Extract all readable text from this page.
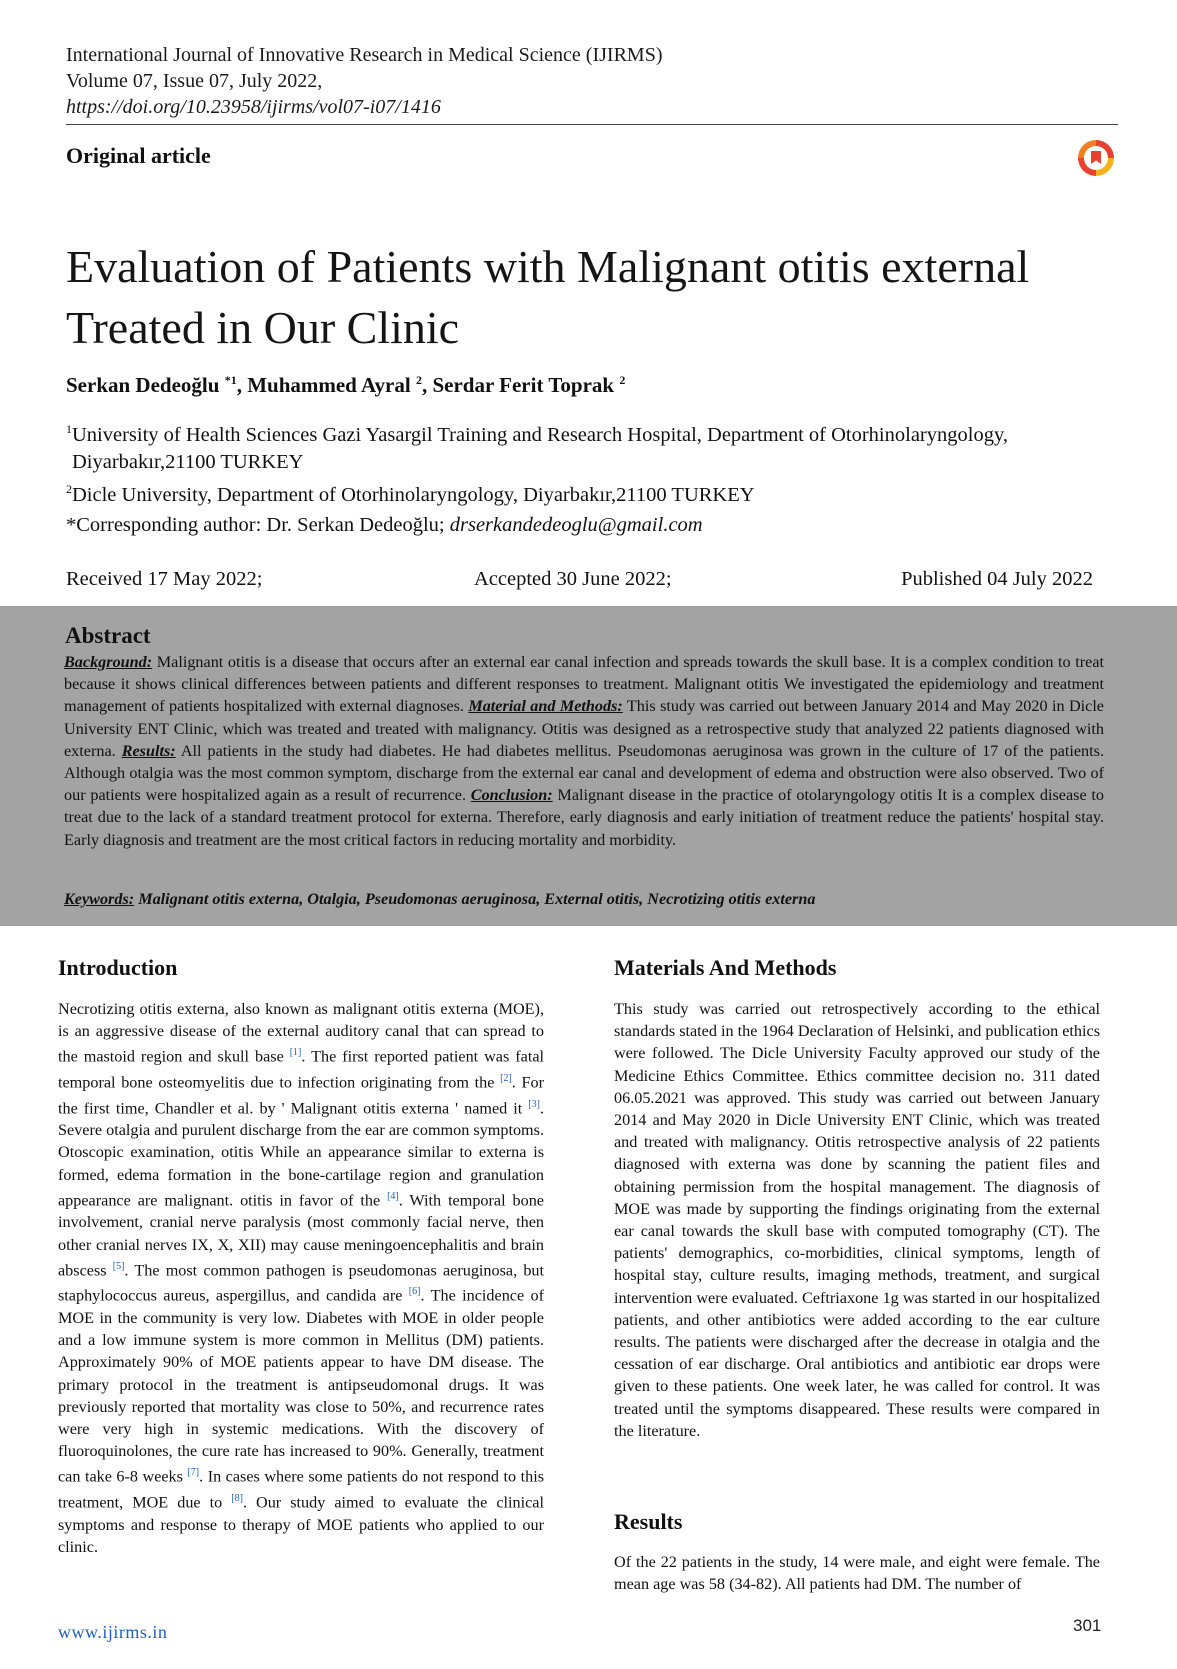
International Journal of Innovative Research in Medical Science (IJIRMS)
Volume 07, Issue 07, July 2022,
https://doi.org/10.23958/ijirms/vol07-i07/1416
Original article
Evaluation of Patients with Malignant otitis external
Treated in Our Clinic
Serkan Dedeoğlu $^{*1}$, Muhammed Ayral $^2$, Serdar Ferit Toprak $^2$
$^1$University of Health Sciences Gazi Yasargil Training and Research Hospital, Department of Otorhinolaryngology,
Diyarbakır,21100 TURKEY
$^2$Dicle University, Department of Otorhinolaryngology, Diyarbakır,21100 TURKEY
*Corresponding author: Dr. Serkan Dedeoğlu; drserkandedeoglu@gmail.com
Received 17 May 2022;	Accepted 30 June 2022;	Published 04 July 2022
Abstract
Background: Malignant otitis is a disease that occurs after an external ear canal infection and spreads towards the skull base. It is a complex condition to treat because it shows clinical differences between patients and different responses to treatment. Malignant otitis We investigated the epidemiology and treatment management of patients hospitalized with external diagnoses. Material and Methods: This study was carried out between January 2014 and May 2020 in Dicle University ENT Clinic, which was treated and treated with malignancy. Otitis was designed as a retrospective study that analyzed 22 patients diagnosed with externa. Results: All patients in the study had diabetes. He had diabetes mellitus. Pseudomonas aeruginosa was grown in the culture of 17 of the patients. Although otalgia was the most common symptom, discharge from the external ear canal and development of edema and obstruction were also observed. Two of our patients were hospitalized again as a result of recurrence. Conclusion: Malignant disease in the practice of otolaryngology otitis It is a complex disease to treat due to the lack of a standard treatment protocol for externa. Therefore, early diagnosis and early initiation of treatment reduce the patients' hospital stay. Early diagnosis and treatment are the most critical factors in reducing mortality and morbidity.
Keywords: Malignant otitis externa, Otalgia, Pseudomonas aeruginosa, External otitis, Necrotizing otitis externa
Introduction
Necrotizing otitis externa, also known as malignant otitis externa (MOE), is an aggressive disease of the external auditory canal that can spread to the mastoid region and skull base [1]. The first reported patient was fatal temporal bone osteomyelitis due to infection originating from the [2]. For the first time, Chandler et al. by ' Malignant otitis externa ' named it [3]. Severe otalgia and purulent discharge from the ear are common symptoms. Otoscopic examination, otitis While an appearance similar to externa is formed, edema formation in the bone-cartilage region and granulation appearance are malignant. otitis in favor of the [4]. With temporal bone involvement, cranial nerve paralysis (most commonly facial nerve, then other cranial nerves IX, X, XII) may cause meningoencephalitis and brain abscess [5]. The most common pathogen is pseudomonas aeruginosa, but staphylococcus aureus, aspergillus, and candida are [6]. The incidence of MOE in the community is very low. Diabetes with MOE in older people and a low immune system is more common in Mellitus (DM) patients. Approximately 90% of MOE patients appear to have DM disease. The primary protocol in the treatment is antipseudomonal drugs. It was previously reported that mortality was close to 50%, and recurrence rates were very high in systemic medications. With the discovery of fluoroquinolones, the cure rate has increased to 90%. Generally, treatment can take 6-8 weeks [7]. In cases where some patients do not respond to this treatment, MOE due to [8]. Our study aimed to evaluate the clinical symptoms and response to therapy of MOE patients who applied to our clinic.
Materials And Methods
This study was carried out retrospectively according to the ethical standards stated in the 1964 Declaration of Helsinki, and publication ethics were followed. The Dicle University Faculty approved our study of the Medicine Ethics Committee. Ethics committee decision no. 311 dated 06.05.2021 was approved. This study was carried out between January 2014 and May 2020 in Dicle University ENT Clinic, which was treated and treated with malignancy. Otitis retrospective analysis of 22 patients diagnosed with externa was done by scanning the patient files and obtaining permission from the hospital management. The diagnosis of MOE was made by supporting the findings originating from the external ear canal towards the skull base with computed tomography (CT). The patients' demographics, co-morbidities, clinical symptoms, length of hospital stay, culture results, imaging methods, treatment, and surgical intervention were evaluated. Ceftriaxone 1g was started in our hospitalized patients, and other antibiotics were added according to the ear culture results. The patients were discharged after the decrease in otalgia and the cessation of ear discharge. Oral antibiotics and antibiotic ear drops were given to these patients. One week later, he was called for control. It was treated until the symptoms disappeared. These results were compared in the literature.
Results
Of the 22 patients in the study, 14 were male, and eight were female. The mean age was 58 (34-82). All patients had DM. The number of
www.ijirms.in	301
